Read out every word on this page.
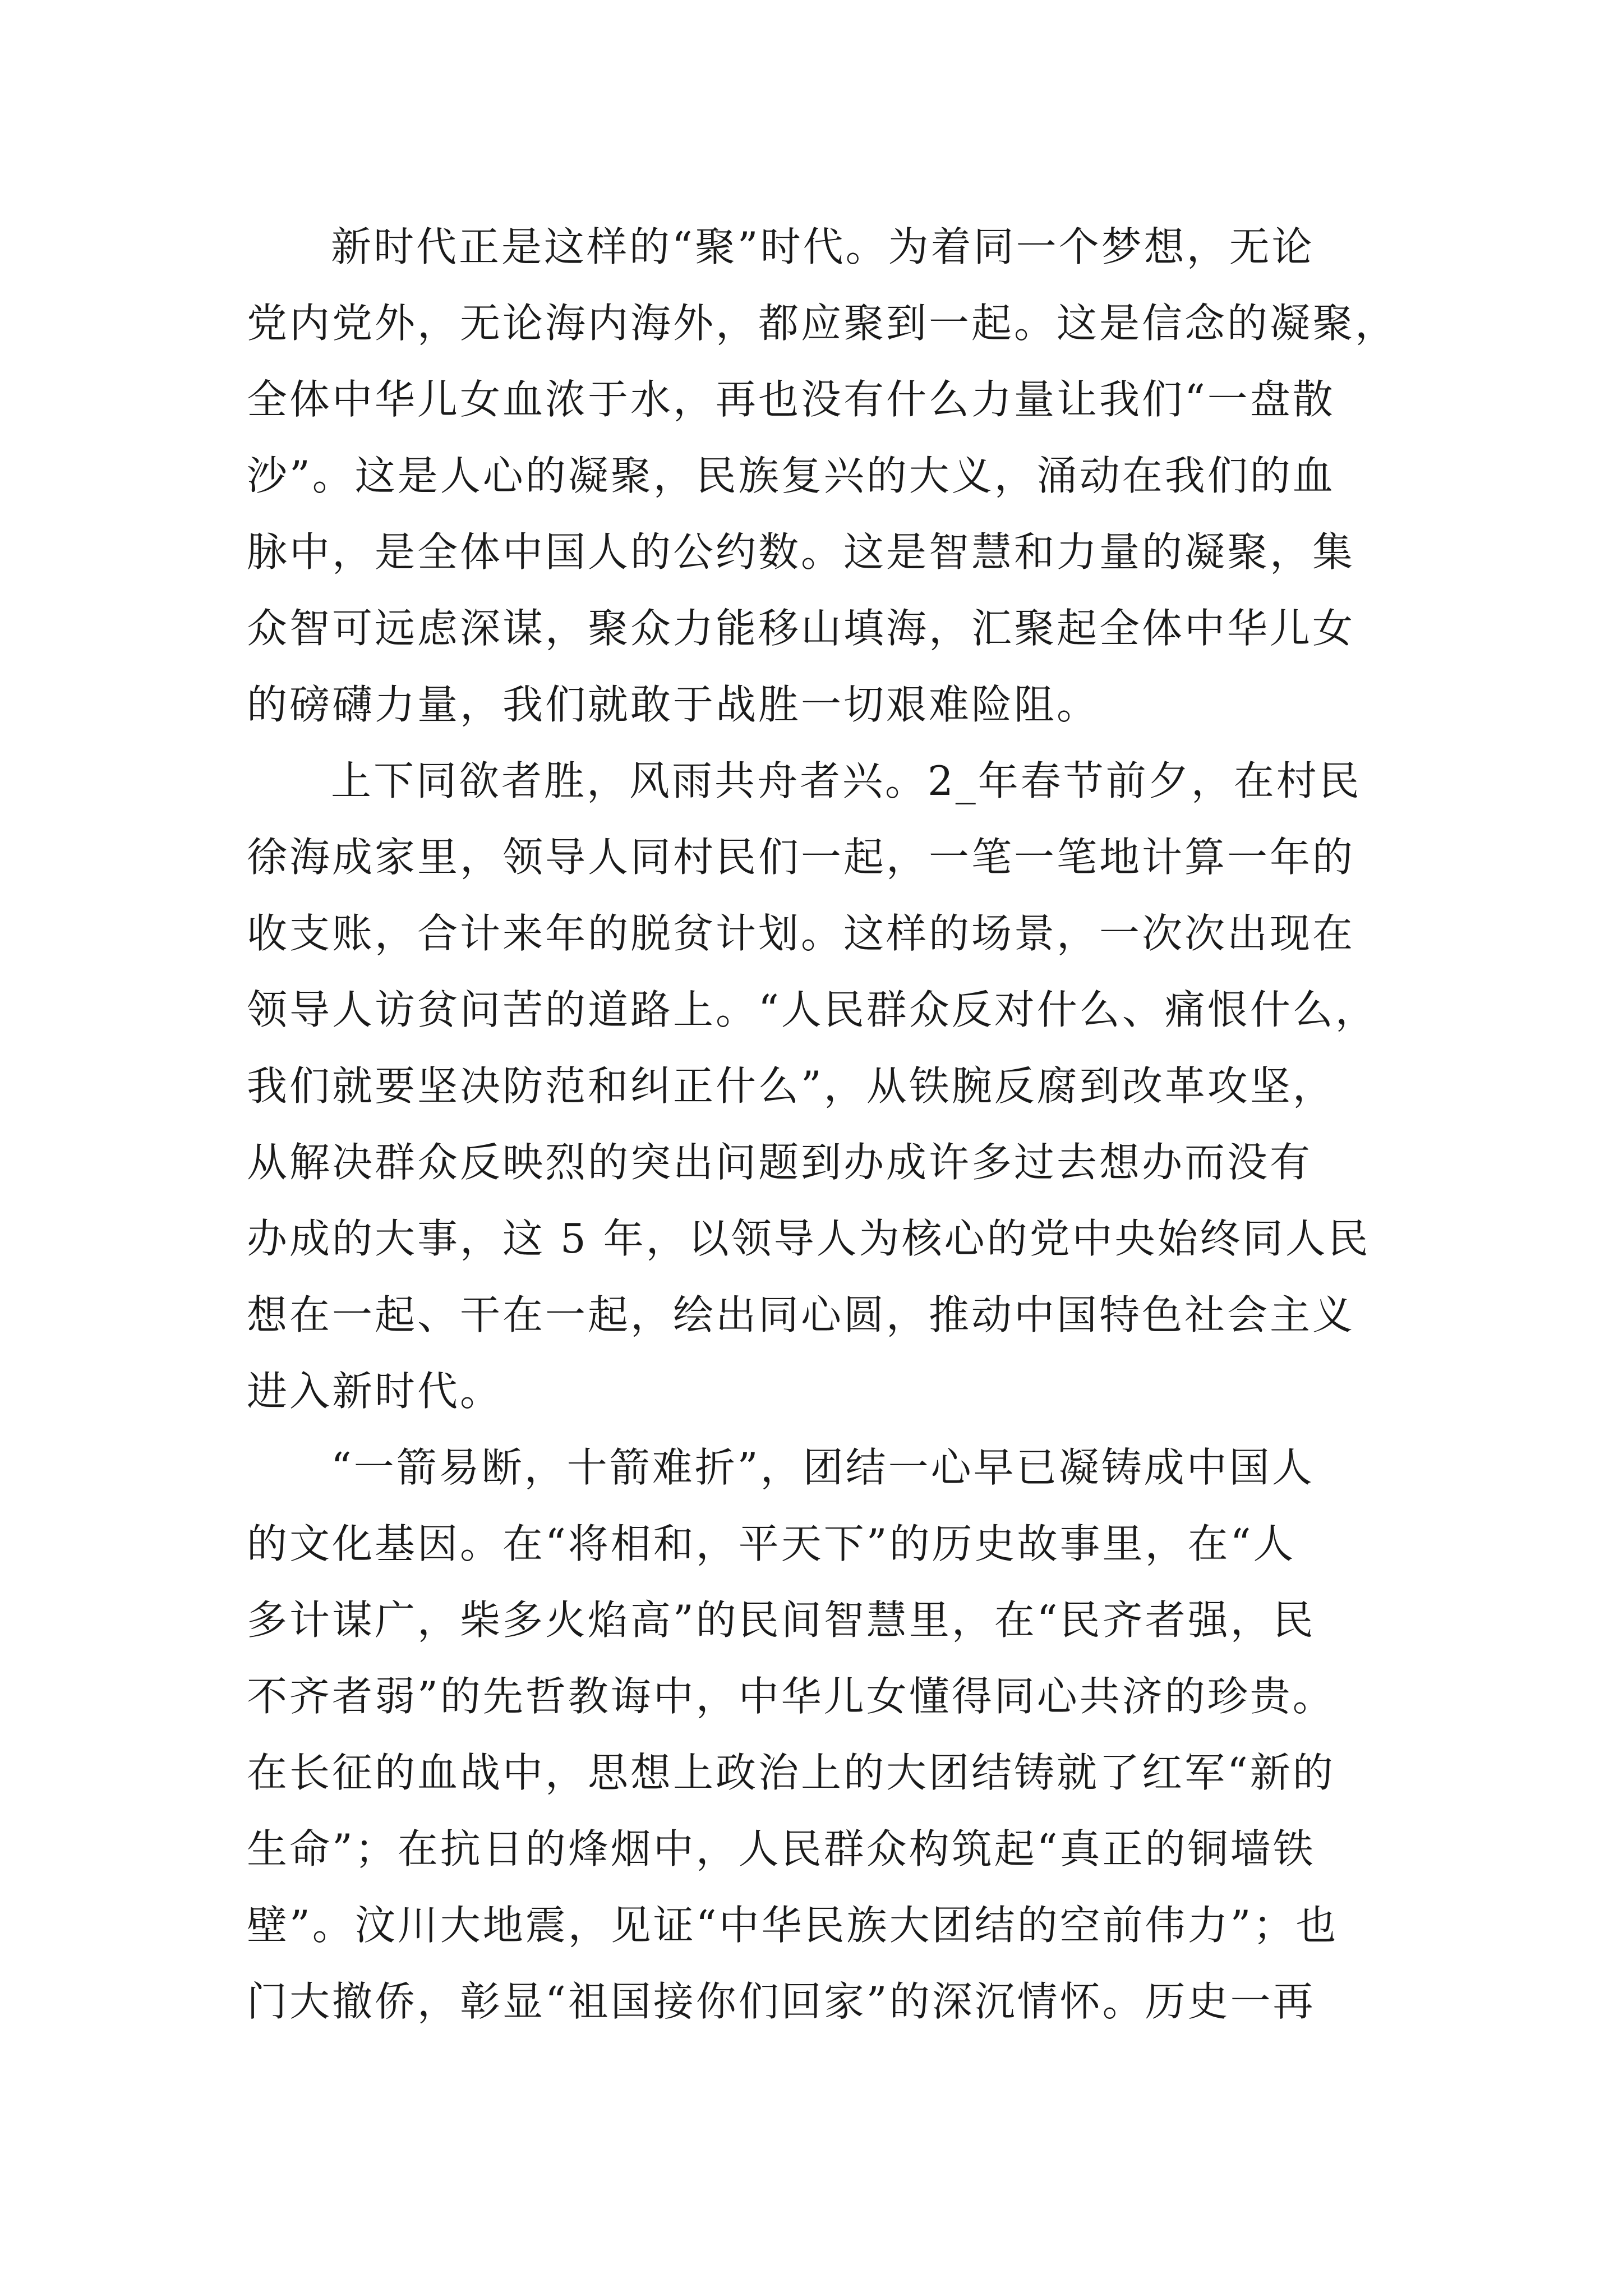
新时代正是这样的“聚”时代。为着同一个梦想，无论
党内党外，无论海内海外，都应聚到一起。这是信念的凝聚，
全体中华儿女血浓于水，再也没有什么力量让我们“一盘散
沙”。这是人心的凝聚，民族复兴的大义，涌动在我们的血
脉中，是全体中国人的公约数。这是智慧和力量的凝聚，集
众智可远虑深谋，聚众力能移山填海，汇聚起全体中华儿女
的磅礴力量，我们就敢于战胜一切艰难险阻。
上下同欲者胜，风雨共舟者兴。2_年春节前夕，在村民
徐海成家里，领导人同村民们一起，一笔一笔地计算一年的
收支账，合计来年的脱贫计划。这样的场景，一次次出现在
领导人访贫问苦的道路上。“人民群众反对什么、痛恨什么，
我们就要坚决防范和纠正什么”，从铁腕反腐到改革攻坚，
从解决群众反映烈的突出问题到办成许多过去想办而没有
办成的大事，这 5 年，以领导人为核心的党中央始终同人民
想在一起、干在一起，绘出同心圆，推动中国特色社会主义
进入新时代。
“一箭易断，十箭难折”，团结一心早已凝铸成中国人
的文化基因。在“将相和，平天下”的历史故事里，在“人
多计谋广，柴多火焰高”的民间智慧里，在“民齐者强，民
不齐者弱”的先哲教诲中，中华儿女懂得同心共济的珍贵。
在长征的血战中，思想上政治上的大团结铸就了红军“新的
生命”；在抗日的烽烟中，人民群众构筑起“真正的铜墙铁
壁”。汶川大地震，见证“中华民族大团结的空前伟力”；也
门大撤侨，彰显“祖国接你们回家”的深沉情怀。历史一再
